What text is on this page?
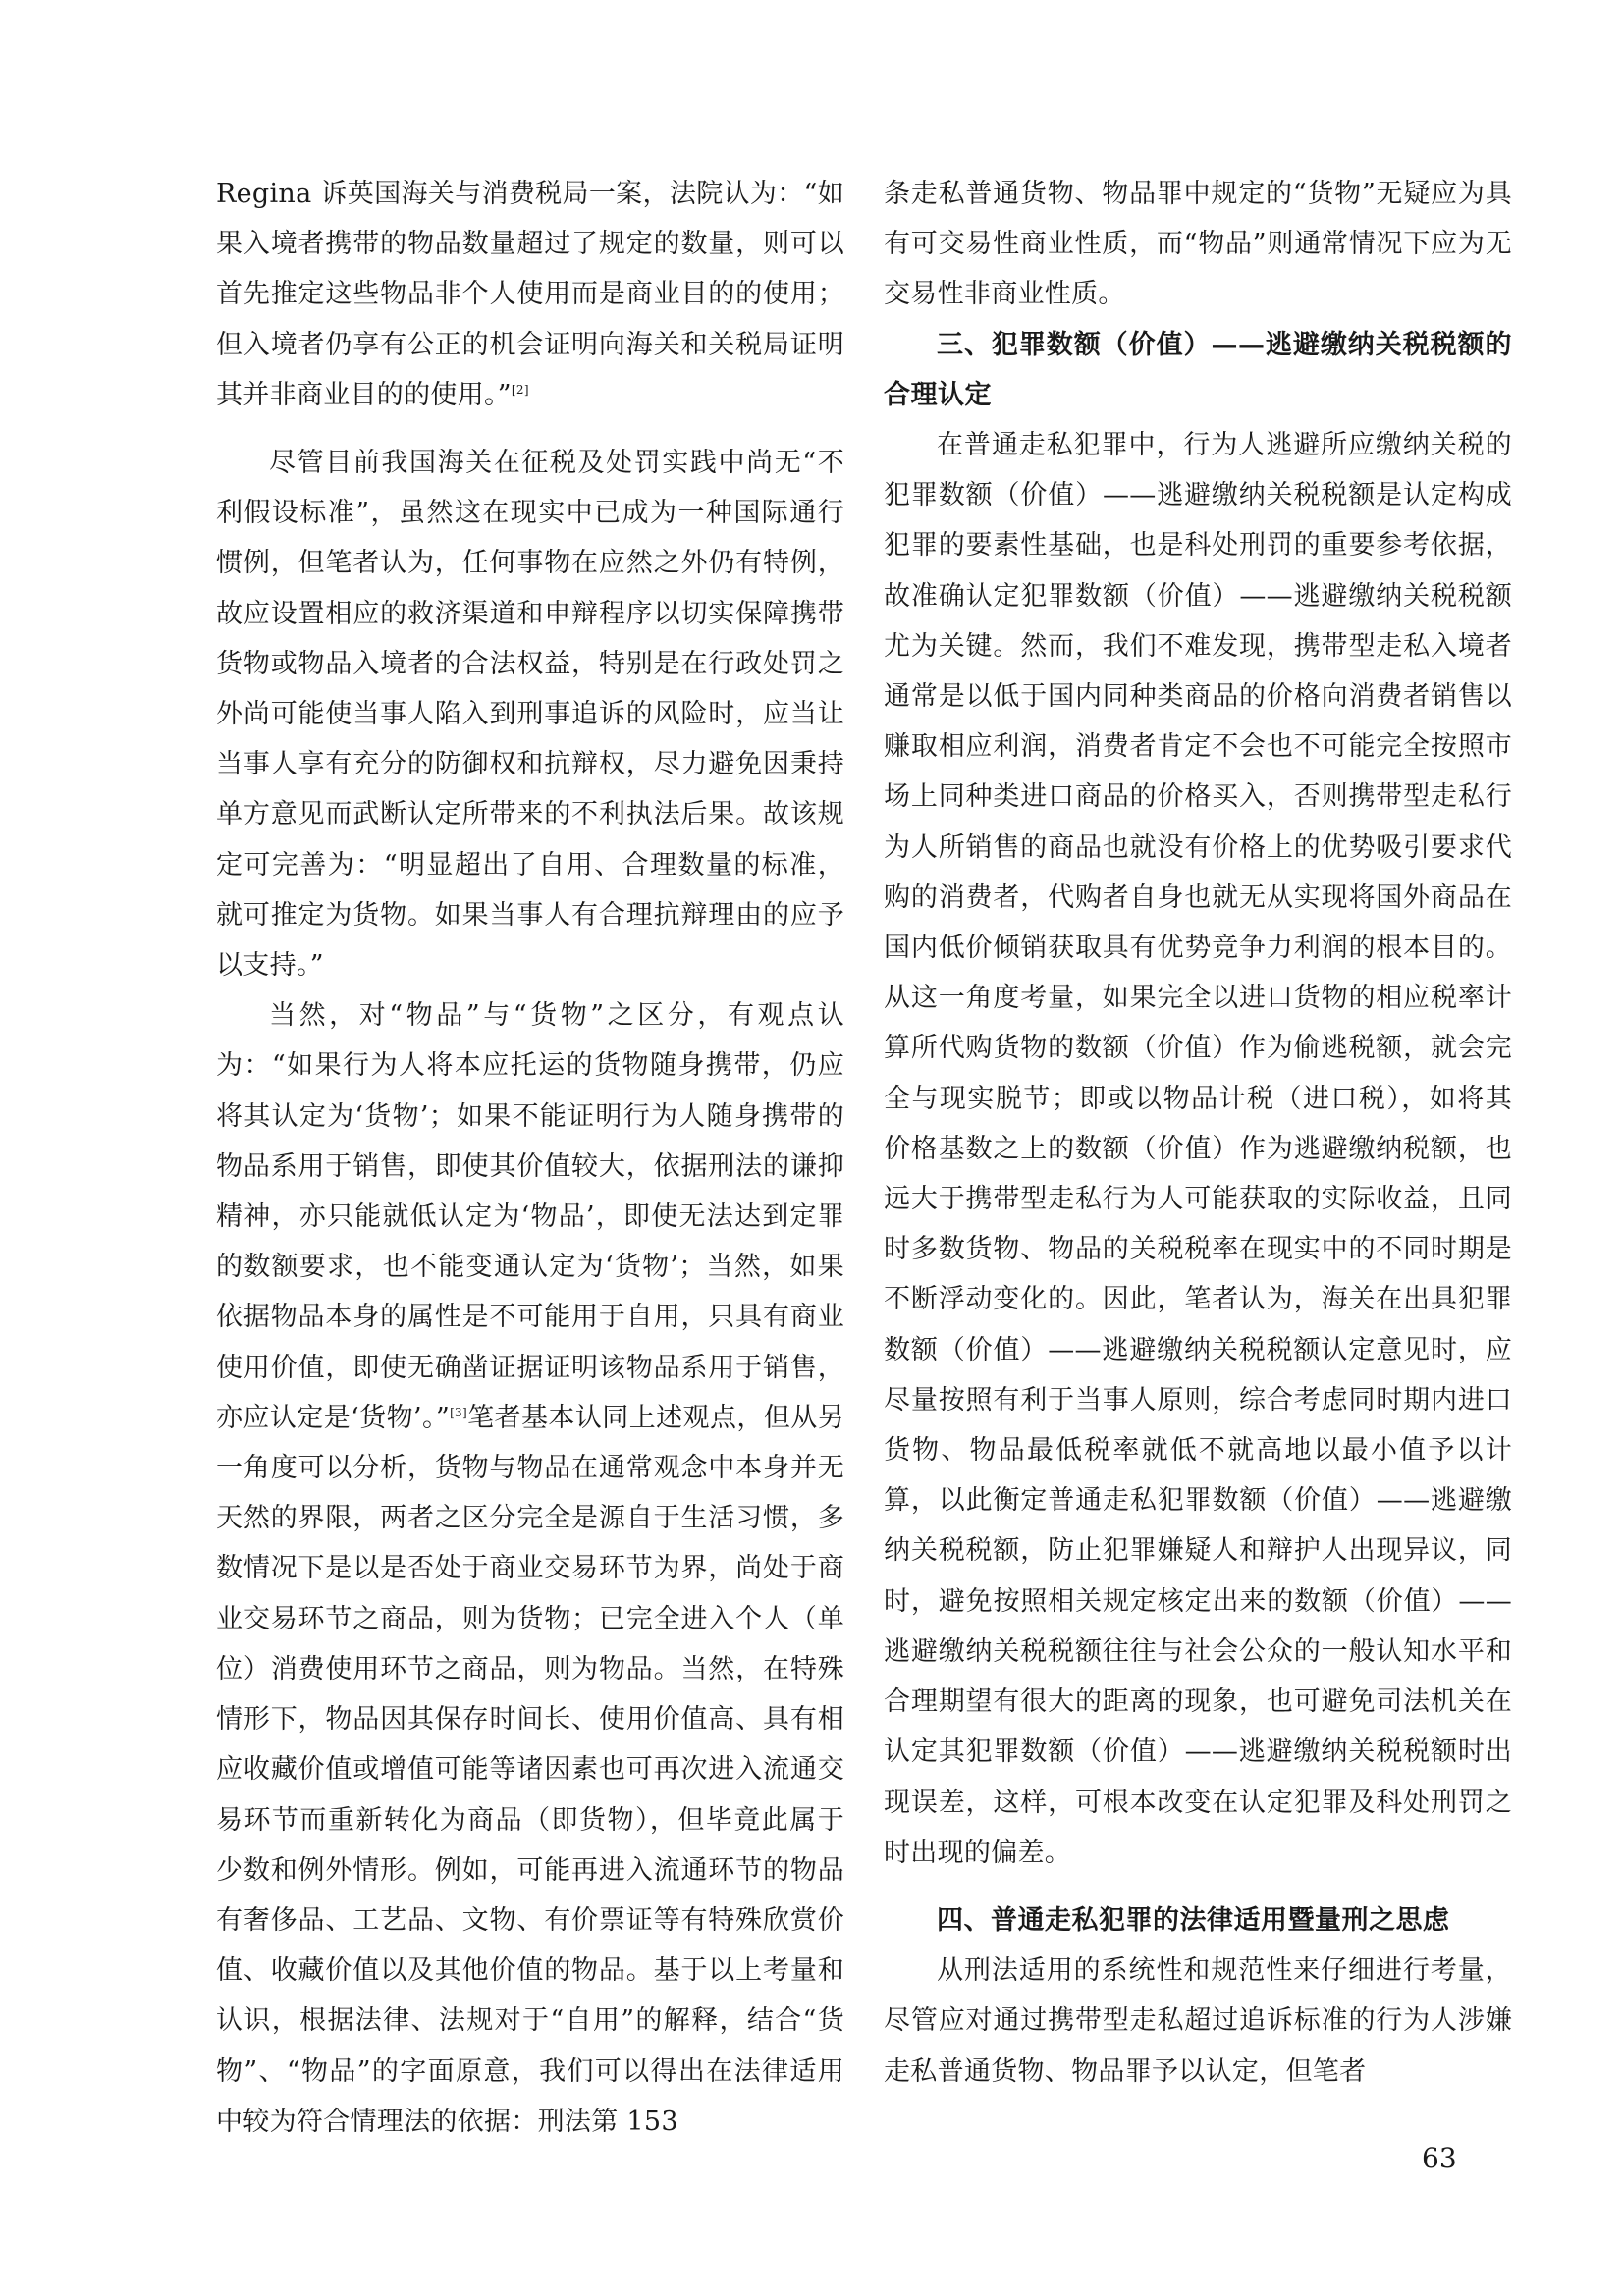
Regina 诉英国海关与消费税局一案，法院认为：“如果入境者携带的物品数量超过了规定的数量，则可以首先推定这些物品非个人使用而是商业目的的使用；但入境者仍享有公正的机会证明向海关和关税局证明其并非商业目的的使用。”[2]

尽管目前我国海关在征税及处罚实践中尚无“不利假设标准”，虽然这在现实中已成为一种国际通行惯例，但笔者认为，任何事物在应然之外仍有特例，故应设置相应的救济渠道和申辩程序以切实保障携带货物或物品入境者的合法权益，特别是在行政处罚之外尚可能使当事人陷入到刑事追诉的风险时，应当让当事人享有充分的防御权和抗辩权，尽力避免因秉持单方意见而武断认定所带来的不利执法后果。故该规定可完善为：“明显超出了自用、合理数量的标准，就可推定为货物。如果当事人有合理抗辩理由的应予以支持。”

当然，对“物品”与“货物”之区分，有观点认为：“如果行为人将本应托运的货物随身携带，仍应将其认定为‘货物’；如果不能证明行为人随身携带的物品系用于销售，即使其价值较大，依据刑法的谦抑精神，亦只能就低认定为‘物品’，即使无法达到定罪的数额要求，也不能变通认定为‘货物’；当然，如果依据物品本身的属性是不可能用于自用，只具有商业使用价值，即使无确凿证据证明该物品系用于销售，亦应认定是‘货物’。”[3]笔者基本认同上述观点，但从另一角度可以分析，货物与物品在通常观念中本身并无天然的界限，两者之区分完全是源自于生活习惯，多数情况下是以是否处于商业交易环节为界，尚处于商业交易环节之商品，则为货物；已完全进入个人（单位）消费使用环节之商品，则为物品。当然，在特殊情形下，物品因其保存时间长、使用价值高、具有相应收藏价值或增值可能等诸因素也可再次进入流通交易环节而重新转化为商品（即货物），但毕竟此属于少数和例外情形。例如，可能再进入流通环节的物品有奢侈品、工艺品、文物、有价票证等有特殊欣赏价值、收藏价值以及其他价值的物品。基于以上考量和认识，根据法律、法规对于“自用”的解释，结合“货物”、“物品”的字面原意，我们可以得出在法律适用中较为符合情理法的依据：刑法第 153

条走私普通货物、物品罪中规定的“货物”无疑应为具有可交易性商业性质，而“物品”则通常情况下应为无交易性非商业性质。

三、犯罪数额（价值）——逃避缴纳关税税额的合理认定

在普通走私犯罪中，行为人逃避所应缴纳关税的犯罪数额（价值）——逃避缴纳关税税额是认定构成犯罪的要素性基础，也是科处刑罚的重要参考依据，故准确认定犯罪数额（价值）——逃避缴纳关税税额尤为关键。然而，我们不难发现，携带型走私入境者通常是以低于国内同种类商品的价格向消费者销售以赚取相应利润，消费者肯定不会也不可能完全按照市场上同种类进口商品的价格买入，否则携带型走私行为人所销售的商品也就没有价格上的优势吸引要求代购的消费者，代购者自身也就无从实现将国外商品在国内低价倾销获取具有优势竞争力利润的根本目的。从这一角度考量，如果完全以进口货物的相应税率计算所代购货物的数额（价值）作为偷逃税额，就会完全与现实脱节；即或以物品计税（进口税），如将其价格基数之上的数额（价值）作为逃避缴纳税额，也远大于携带型走私行为人可能获取的实际收益，且同时多数货物、物品的关税税率在现实中的不同时期是不断浮动变化的。因此，笔者认为，海关在出具犯罪数额（价值）——逃避缴纳关税税额认定意见时，应尽量按照有利于当事人原则，综合考虑同时期内进口货物、物品最低税率就低不就高地以最小值予以计算，以此衡定普通走私犯罪数额（价值）——逃避缴纳关税税额，防止犯罪嫌疑人和辩护人出现异议，同时，避免按照相关规定核定出来的数额（价值）——逃避缴纳关税税额往往与社会公众的一般认知水平和合理期望有很大的距离的现象，也可避免司法机关在认定其犯罪数额（价值）——逃避缴纳关税税额时出现误差，这样，可根本改变在认定犯罪及科处刑罚之时出现的偏差。

四、普通走私犯罪的法律适用暨量刑之思虑

从刑法适用的系统性和规范性来仔细进行考量，尽管应对通过携带型走私超过追诉标准的行为人涉嫌走私普通货物、物品罪予以认定，但笔者

63
